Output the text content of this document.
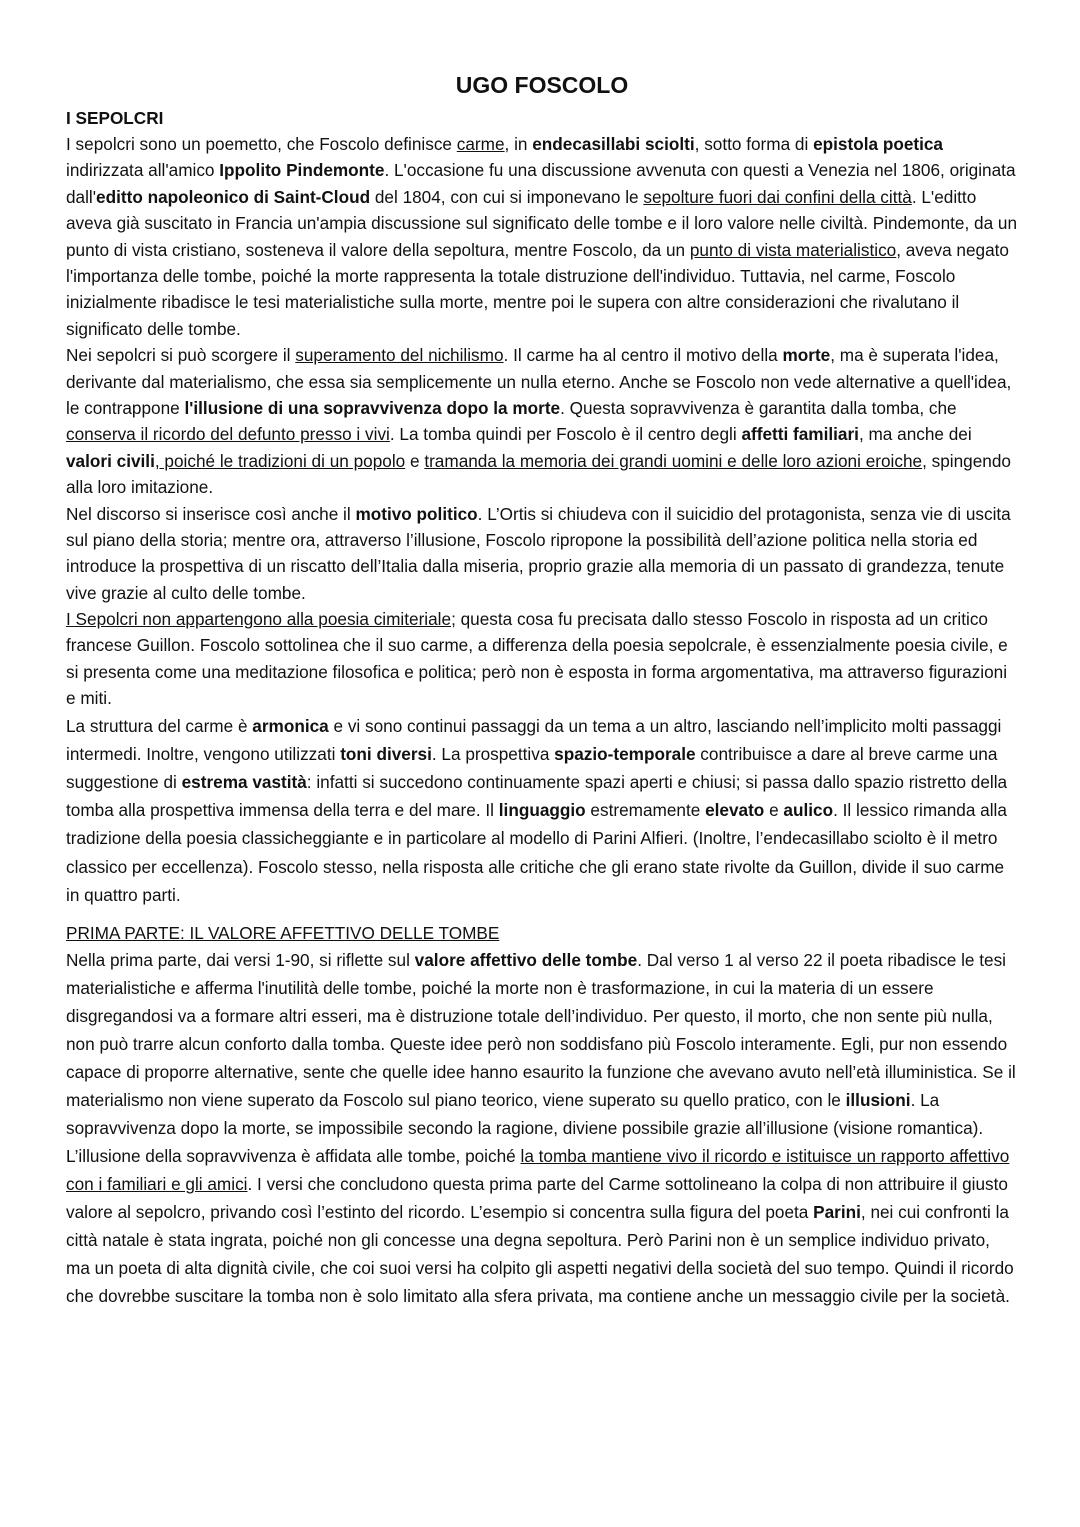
UGO FOSCOLO
I SEPOLCRI

I sepolcri sono un poemetto, che Foscolo definisce carme, in endecasillabi sciolti, sotto forma di epistola poetica indirizzata all'amico Ippolito Pindemonte. L'occasione fu una discussione avvenuta con questi a Venezia nel 1806, originata dall'editto napoleonico di Saint-Cloud del 1804, con cui si imponevano le sepolture fuori dai confini della città. L'editto aveva già suscitato in Francia un'ampia discussione sul significato delle tombe e il loro valore nelle civiltà. Pindemonte, da un punto di vista cristiano, sosteneva il valore della sepoltura, mentre Foscolo, da un punto di vista materialistico, aveva negato l'importanza delle tombe, poiché la morte rappresenta la totale distruzione dell'individuo. Tuttavia, nel carme, Foscolo inizialmente ribadisce le tesi materialistiche sulla morte, mentre poi le supera con altre considerazioni che rivalutano il significato delle tombe.

Nei sepolcri si può scorgere il superamento del nichilismo. Il carme ha al centro il motivo della morte, ma è superata l'idea, derivante dal materialismo, che essa sia semplicemente un nulla eterno. Anche se Foscolo non vede alternative a quell'idea, le contrappone l'illusione di una sopravvivenza dopo la morte. Questa sopravvivenza è garantita dalla tomba, che conserva il ricordo del defunto presso i vivi. La tomba quindi per Foscolo è il centro degli affetti familiari, ma anche dei valori civili, poiché le tradizioni di un popolo e tramanda la memoria dei grandi uomini e delle loro azioni eroiche, spingendo alla loro imitazione.

Nel discorso si inserisce così anche il motivo politico. L’Ortis si chiudeva con il suicidio del protagonista, senza vie di uscita sul piano della storia; mentre ora, attraverso l’illusione, Foscolo ripropone la possibilità dell’azione politica nella storia ed introduce la prospettiva di un riscatto dell’Italia dalla miseria, proprio grazie alla memoria di un passato di grandezza, tenute vive grazie al culto delle tombe.

I Sepolcri non appartengono alla poesia cimiteriale; questa cosa fu precisata dallo stesso Foscolo in risposta ad un critico francese Guillon. Foscolo sottolinea che il suo carme, a differenza della poesia sepolcrale, è essenzialmente poesia civile, e si presenta come una meditazione filosofica e politica; però non è esposta in forma argomentativa, ma attraverso figurazioni e miti.

La struttura del carme è armonica e vi sono continui passaggi da un tema a un altro, lasciando nell’implicito molti passaggi intermedi. Inoltre, vengono utilizzati toni diversi. La prospettiva spazio-temporale contribuisce a dare al breve carme una suggestione di estrema vastità: infatti si succedono continuamente spazi aperti e chiusi; si passa dallo spazio ristretto della tomba alla prospettiva immensa della terra e del mare. Il linguaggio estremamente elevato e aulico. Il lessico rimanda alla tradizione della poesia classicheggiante e in particolare al modello di Parini Alfieri. (Inoltre, l’endecasillabo sciolto è il metro classico per eccellenza). Foscolo stesso, nella risposta alle critiche che gli erano state rivolte da Guillon, divide il suo carme in quattro parti.

PRIMA PARTE: IL VALORE AFFETTIVO DELLE TOMBE

Nella prima parte, dai versi 1-90, si riflette sul valore affettivo delle tombe. Dal verso 1 al verso 22 il poeta ribadisce le tesi materialistiche e afferma l'inutilità delle tombe, poiché la morte non è trasformazione, in cui la materia di un essere disgregandosi va a formare altri esseri, ma è distruzione totale dell’individuo. Per questo, il morto, che non sente più nulla, non può trarre alcun conforto dalla tomba. Queste idee però non soddisfano più Foscolo interamente. Egli, pur non essendo capace di proporre alternative, sente che quelle idee hanno esaurito la funzione che avevano avuto nell’età illuministica. Se il materialismo non viene superato da Foscolo sul piano teorico, viene superato su quello pratico, con le illusioni. La sopravvivenza dopo la morte, se impossibile secondo la ragione, diviene possibile grazie all’illusione (visione romantica). L’illusione della sopravvivenza è affidata alle tombe, poiché la tomba mantiene vivo il ricordo e istituisce un rapporto affettivo con i familiari e gli amici. I versi che concludono questa prima parte del Carme sottolineano la colpa di non attribuire il giusto valore al sepolcro, privando così l’estinto del ricordo. L’esempio si concentra sulla figura del poeta Parini, nei cui confronti la città natale è stata ingrata, poiché non gli concesse una degna sepoltura. Però Parini non è un semplice individuo privato, ma un poeta di alta dignità civile, che coi suoi versi ha colpito gli aspetti negativi della società del suo tempo. Quindi il ricordo che dovrebbe suscitare la tomba non è solo limitato alla sfera privata, ma contiene anche un messaggio civile per la società.
